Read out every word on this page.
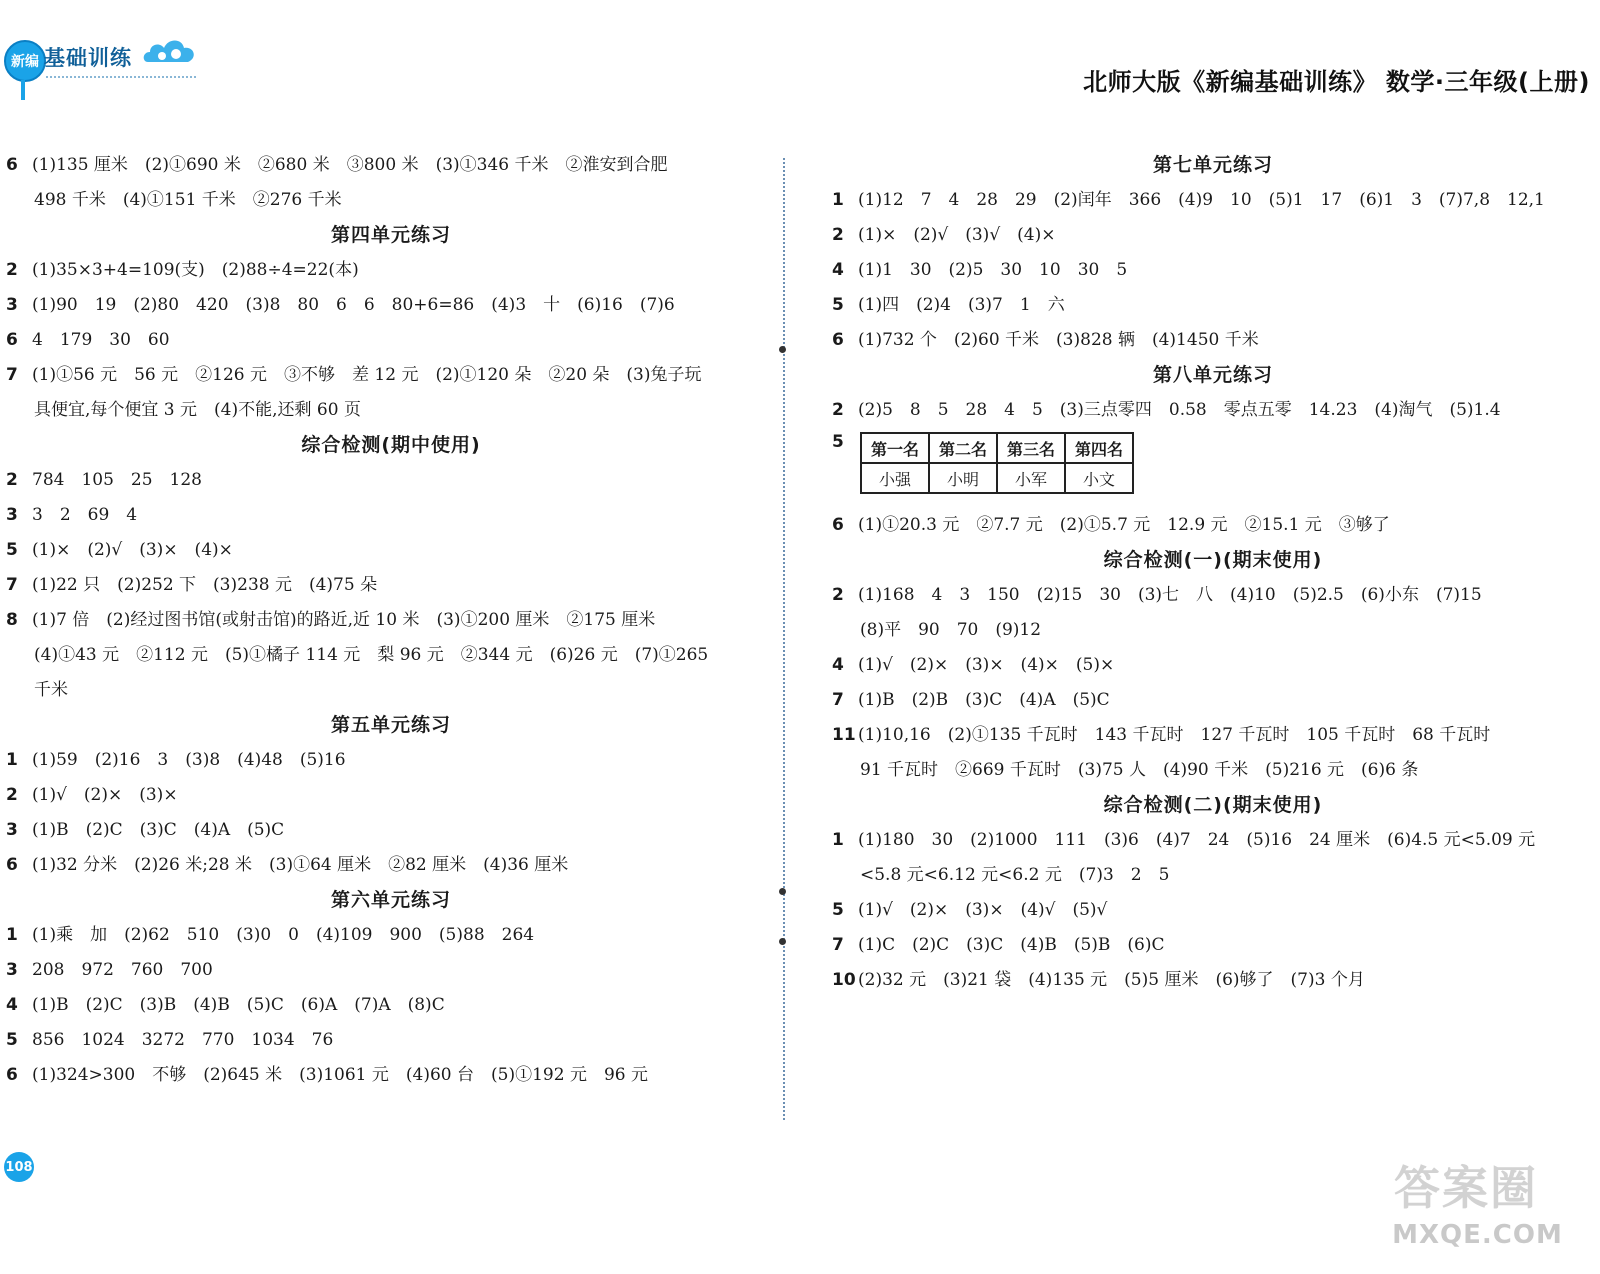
新编 基础训练
北师大版《新编基础训练》 数学·三年级(上册)
6 (1)135 厘米　(2)①690 米　②680 米　③800 米　(3)①346 千米　②淮安到合肥
498 千米　(4)①151 千米　②276 千米
第四单元练习
2 (1)35×3+4=109(支)　(2)88÷4=22(本)
3 (1)90　19　(2)80　420　(3)8　80　6　6　80+6=86　(4)3　十　(6)16　(7)6
6 4　179　30　60
7 (1)①56 元　56 元　②126 元　③不够　差 12 元　(2)①120 朵　②20 朵　(3)兔子玩
具便宜,每个便宜 3 元　(4)不能,还剩 60 页
综合检测(期中使用)
2 784　105　25　128
3 3　2　69　4
5 (1)×　(2)√　(3)×　(4)×
7 (1)22 只　(2)252 下　(3)238 元　(4)75 朵
8 (1)7 倍　(2)经过图书馆(或射击馆)的路近,近 10 米　(3)①200 厘米　②175 厘米
(4)①43 元　②112 元　(5)①橘子 114 元　梨 96 元　②344 元　(6)26 元　(7)①265
千米
第五单元练习
1 (1)59　(2)16　3　(3)8　(4)48　(5)16
2 (1)√　(2)×　(3)×
3 (1)B　(2)C　(3)C　(4)A　(5)C
6 (1)32 分米　(2)26 米;28 米　(3)①64 厘米　②82 厘米　(4)36 厘米
第六单元练习
1 (1)乘　加　(2)62　510　(3)0　0　(4)109　900　(5)88　264
3 208　972　760　700
4 (1)B　(2)C　(3)B　(4)B　(5)C　(6)A　(7)A　(8)C
5 856　1024　3272　770　1034　76
6 (1)324>300　不够　(2)645 米　(3)1061 元　(4)60 台　(5)①192 元　96 元
第七单元练习
1 (1)12　7　4　28　29　(2)闰年　366　(4)9　10　(5)1　17　(6)1　3　(7)7,8　12,1
2 (1)×　(2)√　(3)√　(4)×
4 (1)1　30　(2)5　30　10　30　5
5 (1)四　(2)4　(3)7　1　六
6 (1)732 个　(2)60 千米　(3)828 辆　(4)1450 千米
第八单元练习
2 (2)5　8　5　28　4　5　(3)三点零四　0.58　零点五零　14.23　(4)淘气　(5)1.4
5	第一名	第二名	第三名	第四名
小强	小明	小军	小文
6 (1)①20.3 元　②7.7 元　(2)①5.7 元　12.9 元　②15.1 元　③够了
综合检测(一)(期末使用)
2 (1)168　4　3　150　(2)15　30　(3)七　八　(4)10　(5)2.5　(6)小东　(7)15
(8)平　90　70　(9)12
4 (1)√　(2)×　(3)×　(4)×　(5)×
7 (1)B　(2)B　(3)C　(4)A　(5)C
11 (1)10,16　(2)①135 千瓦时　143 千瓦时　127 千瓦时　105 千瓦时　68 千瓦时
91 千瓦时　②669 千瓦时　(3)75 人　(4)90 千米　(5)216 元　(6)6 条
综合检测(二)(期末使用)
1 (1)180　30　(2)1000　111　(3)6　(4)7　24　(5)16　24 厘米　(6)4.5 元<5.09 元
<5.8 元<6.12 元<6.2 元　(7)3　2　5
5 (1)√　(2)×　(3)×　(4)√　(5)√
7 (1)C　(2)C　(3)C　(4)B　(5)B　(6)C
10 (2)32 元　(3)21 袋　(4)135 元　(5)5 厘米　(6)够了　(7)3 个月
108	答案圈
MXQE.COM
